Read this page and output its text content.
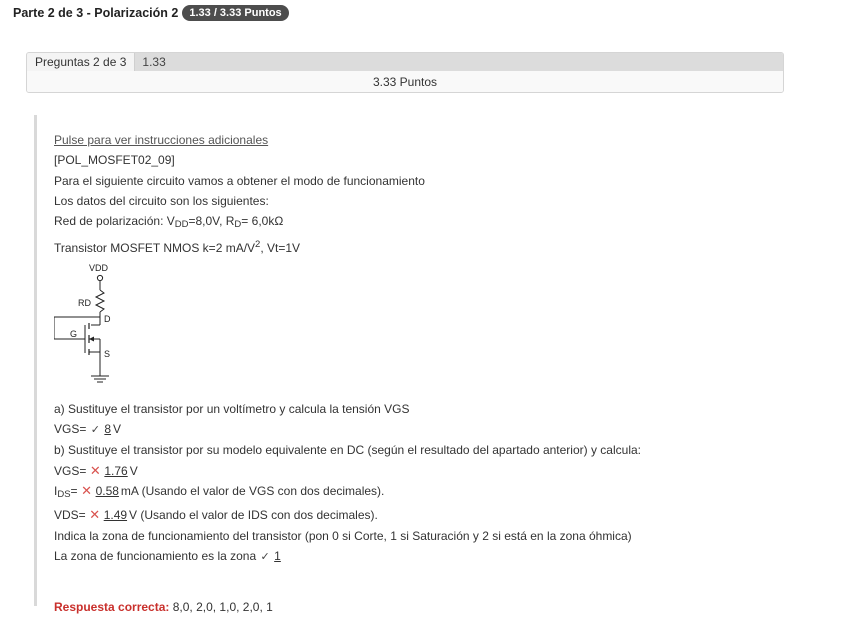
Parte 2 de 3 - Polarización 2	1.33 / 3.33 Puntos
Preguntas 2 de 3	1.33
3.33 Puntos
Pulse para ver instrucciones adicionales
[POL_MOSFET02_09]
Para el siguiente circuito vamos a obtener el modo de funcionamiento
Los datos del circuito son los siguientes:
Red de polarización: $V_{DD}=8,0V$, $R_D= 6,0k\Omega$
Transistor MOSFET NMOS k=2 $mA/V^2$, Vt=1V
VDD
RD
D
G
S
a) Sustituye el transistor por un voltímetro y calcula la tensión VGS
VGS= ✓ 8 V
b) Sustituye el transistor por su modelo equivalente en DC (según el resultado del apartado anterior) y calcula:
VGS= ✕ 1.76 V
$I_{DS}=$ ✕ 0.58 mA (Usando el valor de VGS con dos decimales).
VDS= ✕ 1.49 V (Usando el valor de IDS con dos decimales).
Indica la zona de funcionamiento del transistor (pon 0 si Corte, 1 si Saturación y 2 si está en la zona óhmica)
La zona de funcionamiento es la zona ✓ 1
Respuesta correcta: 8,0, 2,0, 1,0, 2,0, 1
